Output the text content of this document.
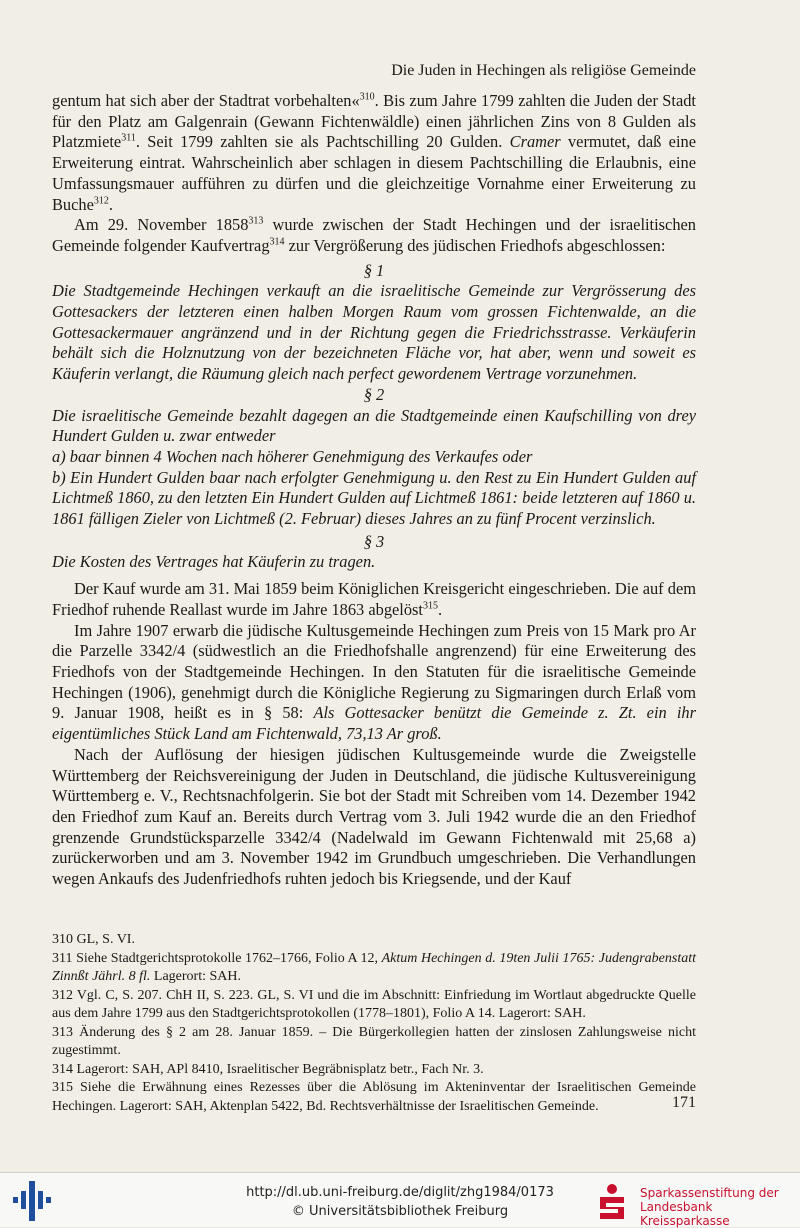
Die Juden in Hechingen als religiöse Gemeinde

gentum hat sich aber der Stadtrat vorbehalten«$^{310}$. Bis zum Jahre 1799 zahlten die Juden der Stadt für den Platz am Galgenrain (Gewann Fichtenwäldle) einen jährlichen Zins von 8 Gulden als Platzmiete$^{311}$. Seit 1799 zahlten sie als Pachtschilling 20 Gulden. Cramer vermutet, daß eine Erweiterung eintrat. Wahrscheinlich aber schlagen in diesem Pachtschilling die Erlaubnis, eine Umfassungsmauer aufführen zu dürfen und die gleichzeitige Vornahme einer Erweiterung zu Buche$^{312}$.

Am 29. November 1858$^{313}$ wurde zwischen der Stadt Hechingen und der israelitischen Gemeinde folgender Kaufvertrag$^{314}$ zur Vergrößerung des jüdischen Friedhofs abgeschlossen:

§ 1

Die Stadtgemeinde Hechingen verkauft an die israelitische Gemeinde zur Vergrösserung des Gottesackers der letzteren einen halben Morgen Raum vom grossen Fichtenwalde, an die Gottesackermauer angränzend und in der Richtung gegen die Friedrichsstrasse. Verkäuferin behält sich die Holznutzung von der bezeichneten Fläche vor, hat aber, wenn und soweit es Käuferin verlangt, die Räumung gleich nach perfect gewordenem Vertrage vorzunehmen.

§ 2

Die israelitische Gemeinde bezahlt dagegen an die Stadtgemeinde einen Kaufschilling von drey Hundert Gulden u. zwar entweder

a) baar binnen 4 Wochen nach höherer Genehmigung des Verkaufes oder

b) Ein Hundert Gulden baar nach erfolgter Genehmigung u. den Rest zu Ein Hundert Gulden auf Lichtmeß 1860, zu den letzten Ein Hundert Gulden auf Lichtmeß 1861: beide letzteren auf 1860 u. 1861 fälligen Zieler von Lichtmeß (2. Februar) dieses Jahres an zu fünf Procent verzinslich.

§ 3

Die Kosten des Vertrages hat Käuferin zu tragen.

Der Kauf wurde am 31. Mai 1859 beim Königlichen Kreisgericht eingeschrieben. Die auf dem Friedhof ruhende Reallast wurde im Jahre 1863 abgelöst$^{315}$.

Im Jahre 1907 erwarb die jüdische Kultusgemeinde Hechingen zum Preis von 15 Mark pro Ar die Parzelle 3342/4 (südwestlich an die Friedhofshalle angrenzend) für eine Erweiterung des Friedhofs von der Stadtgemeinde Hechingen. In den Statuten für die israelitische Gemeinde Hechingen (1906), genehmigt durch die Königliche Regierung zu Sigmaringen durch Erlaß vom 9. Januar 1908, heißt es in § 58: Als Gottesacker benützt die Gemeinde z. Zt. ein ihr eigentümliches Stück Land am Fichtenwald, 73,13 Ar groß.

Nach der Auflösung der hiesigen jüdischen Kultusgemeinde wurde die Zweigstelle Württemberg der Reichsvereinigung der Juden in Deutschland, die jüdische Kultusvereinigung Württemberg e. V., Rechtsnachfolgerin. Sie bot der Stadt mit Schreiben vom 14. Dezember 1942 den Friedhof zum Kauf an. Bereits durch Vertrag vom 3. Juli 1942 wurde die an den Friedhof grenzende Grundstücksparzelle 3342/4 (Nadelwald im Gewann Fichtenwald mit 25,68 a) zurückerworben und am 3. November 1942 im Grundbuch umgeschrieben. Die Verhandlungen wegen Ankaufs des Judenfriedhofs ruhten jedoch bis Kriegsende, und der Kauf

310 GL, S. VI.

311 Siehe Stadtgerichtsprotokolle 1762–1766, Folio A 12, Aktum Hechingen d. 19ten Julii 1765: Judengrabenstatt Zinnßt Jährl. 8 fl. Lagerort: SAH.

312 Vgl. C, S. 207. ChH II, S. 223. GL, S. VI und die im Abschnitt: Einfriedung im Wortlaut abgedruckte Quelle aus dem Jahre 1799 aus den Stadtgerichtsprotokollen (1778–1801), Folio A 14. Lagerort: SAH.

313 Änderung des § 2 am 28. Januar 1859. – Die Bürgerkollegien hatten der zinslosen Zahlungsweise nicht zugestimmt.

314 Lagerort: SAH, APl 8410, Israelitischer Begräbnisplatz betr., Fach Nr. 3.

315 Siehe die Erwähnung eines Rezesses über die Ablösung im Akteninventar der Israelitischen Gemeinde Hechingen. Lagerort: SAH, Aktenplan 5422, Bd. Rechtsverhältnisse der Israelitischen Gemeinde.	171
http://dl.ub.uni-freiburg.de/diglit/zhg1984/0173
© Universitätsbibliothek Freiburg
Sparkassenstiftung der
Landesbank Kreissparkasse
